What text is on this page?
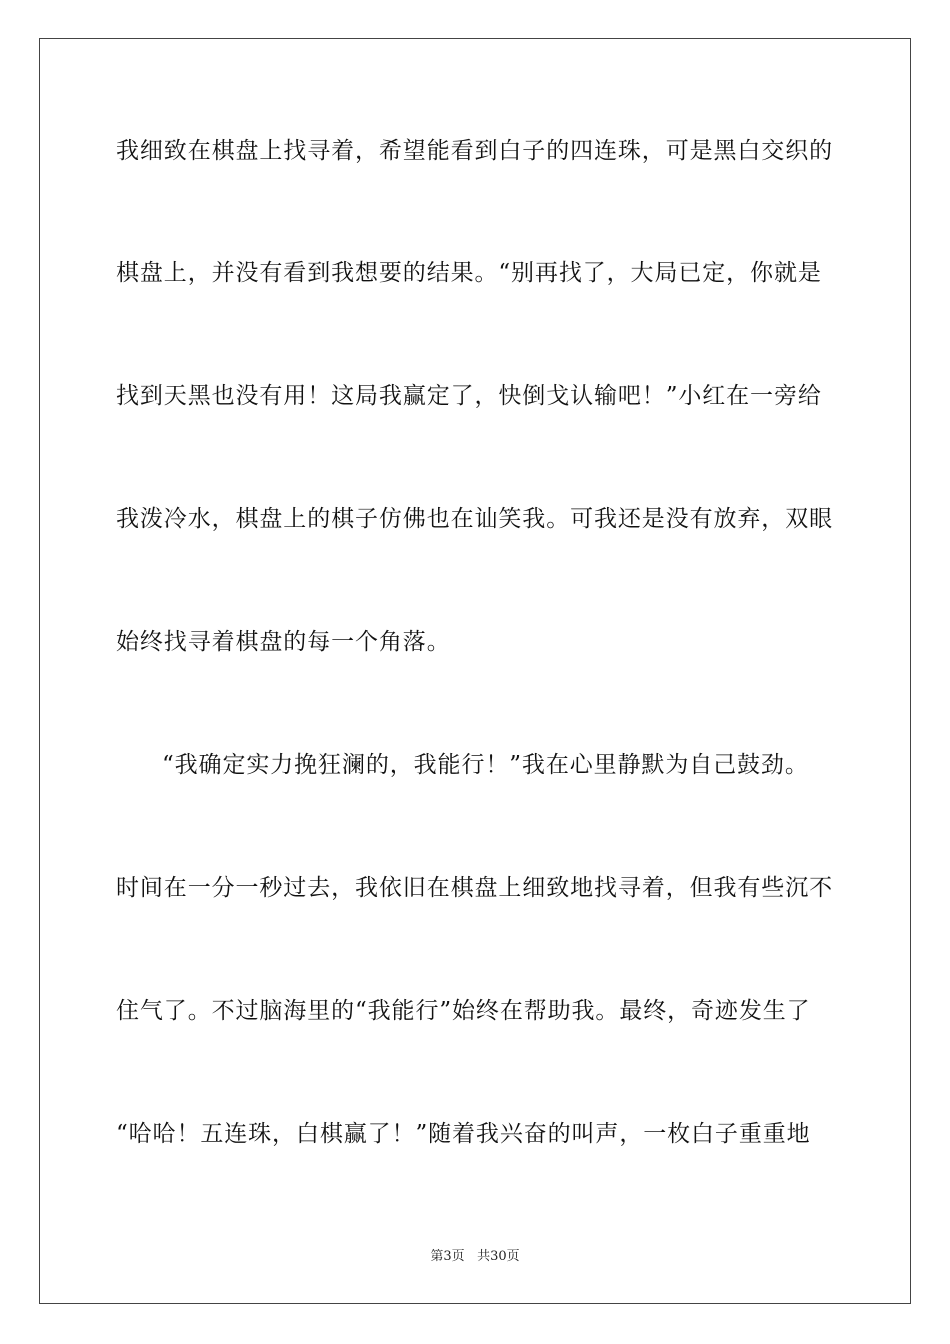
我细致在棋盘上找寻着，希望能看到白子的四连珠，可是黑白交织的
棋盘上，并没有看到我想要的结果。“别再找了，大局已定，你就是
找到天黑也没有用！这局我赢定了，快倒戈认输吧！”小红在一旁给
我泼冷水，棋盘上的棋子仿佛也在讪笑我。可我还是没有放弃，双眼
始终找寻着棋盘的每一个角落。
“我确定实力挽狂澜的，我能行！”我在心里静默为自己鼓劲。
时间在一分一秒过去，我依旧在棋盘上细致地找寻着，但我有些沉不
住气了。不过脑海里的“我能行”始终在帮助我。最终，奇迹发生了
“哈哈！五连珠，白棋赢了！”随着我兴奋的叫声，一枚白子重重地
第3页 共30页
